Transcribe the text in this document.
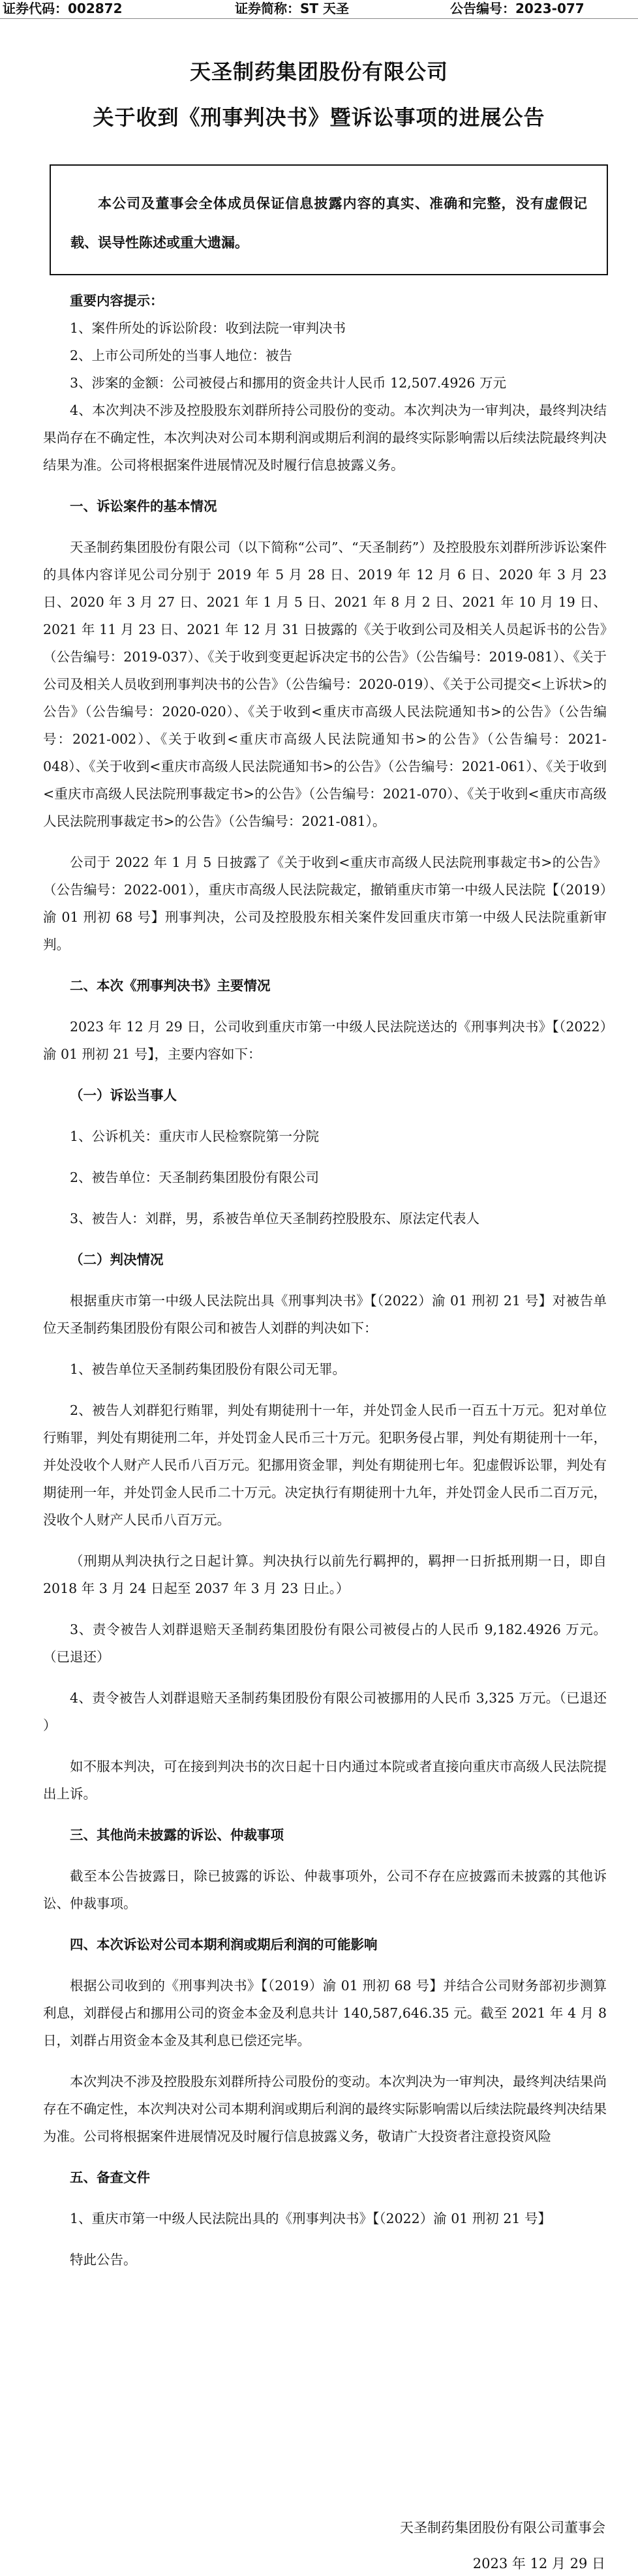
证券代码：002872	证券简称：ST 天圣	公告编号：2023-077
天圣制药集团股份有限公司
关于收到《刑事判决书》暨诉讼事项的进展公告
本公司及董事会全体成员保证信息披露内容的真实、准确和完整，没有虚假记载、误导性陈述或重大遗漏。

重要内容提示：

1、案件所处的诉讼阶段：收到法院一审判决书

2、上市公司所处的当事人地位：被告

3、涉案的金额：公司被侵占和挪用的资金共计人民币 12,507.4926 万元

4、本次判决不涉及控股股东刘群所持公司股份的变动。本次判决为一审判决，最终判决结果尚存在不确定性，本次判决对公司本期利润或期后利润的最终实际影响需以后续法院最终判决结果为准。公司将根据案件进展情况及时履行信息披露义务。

一、诉讼案件的基本情况

天圣制药集团股份有限公司（以下简称“公司”、“天圣制药”）及控股股东刘群所涉诉讼案件的具体内容详见公司分别于 2019 年 5 月 28 日、2019 年 12 月 6 日、2020 年 3 月 23 日、2020 年 3 月 27 日、2021 年 1 月 5 日、2021 年 8 月 2 日、2021 年 10 月 19 日、2021 年 11 月 23 日、2021 年 12 月 31 日披露的《关于收到公司及相关人员起诉书的公告》（公告编号：2019-037）、《关于收到变更起诉决定书的公告》（公告编号：2019-081）、《关于公司及相关人员收到刑事判决书的公告》（公告编号：2020-019）、《关于公司提交<上诉状>的公告》（公告编号：2020-020）、《关于收到<重庆市高级人民法院通知书>的公告》（公告编号：2021-002）、《关于收到<重庆市高级人民法院通知书>的公告》（公告编号：2021-048）、《关于收到<重庆市高级人民法院通知书>的公告》（公告编号：2021-061）、《关于收到<重庆市高级人民法院刑事裁定书>的公告》（公告编号：2021-070）、《关于收到<重庆市高级人民法院刑事裁定书>的公告》（公告编号：2021-081）。

公司于 2022 年 1 月 5 日披露了《关于收到<重庆市高级人民法院刑事裁定书>的公告》（公告编号：2022-001），重庆市高级人民法院裁定，撤销重庆市第一中级人民法院【（2019）渝 01 刑初 68 号】刑事判决，公司及控股股东相关案件发回重庆市第一中级人民法院重新审判。

二、本次《刑事判决书》主要情况

2023 年 12 月 29 日，公司收到重庆市第一中级人民法院送达的《刑事判决书》【（2022）渝 01 刑初 21 号】，主要内容如下：

（一）诉讼当事人

1、公诉机关：重庆市人民检察院第一分院

2、被告单位：天圣制药集团股份有限公司

3、被告人：刘群，男，系被告单位天圣制药控股股东、原法定代表人

（二）判决情况

根据重庆市第一中级人民法院出具《刑事判决书》【（2022）渝 01 刑初 21 号】对被告单位天圣制药集团股份有限公司和被告人刘群的判决如下：

1、被告单位天圣制药集团股份有限公司无罪。

2、被告人刘群犯行贿罪，判处有期徒刑十一年，并处罚金人民币一百五十万元。犯对单位行贿罪，判处有期徒刑二年，并处罚金人民币三十万元。犯职务侵占罪，判处有期徒刑十一年，并处没收个人财产人民币八百万元。犯挪用资金罪，判处有期徒刑七年。犯虚假诉讼罪，判处有期徒刑一年，并处罚金人民币二十万元。决定执行有期徒刑十九年，并处罚金人民币二百万元，没收个人财产人民币八百万元。

（刑期从判决执行之日起计算。判决执行以前先行羁押的，羁押一日折抵刑期一日，即自 2018 年 3 月 24 日起至 2037 年 3 月 23 日止。）

3、责令被告人刘群退赔天圣制药集团股份有限公司被侵占的人民币 9,182.4926 万元。（已退还）

4、责令被告人刘群退赔天圣制药集团股份有限公司被挪用的人民币 3,325 万元。（已退还 ）

如不服本判决，可在接到判决书的次日起十日内通过本院或者直接向重庆市高级人民法院提出上诉。

三、其他尚未披露的诉讼、仲裁事项

截至本公告披露日，除已披露的诉讼、仲裁事项外，公司不存在应披露而未披露的其他诉讼、仲裁事项。

四、本次诉讼对公司本期利润或期后利润的可能影响

根据公司收到的《刑事判决书》【（2019）渝 01 刑初 68 号】并结合公司财务部初步测算利息，刘群侵占和挪用公司的资金本金及利息共计 140,587,646.35 元。截至 2021 年 4 月 8 日，刘群占用资金本金及其利息已偿还完毕。

本次判决不涉及控股股东刘群所持公司股份的变动。本次判决为一审判决，最终判决结果尚存在不确定性，本次判决对公司本期利润或期后利润的最终实际影响需以后续法院最终判决结果为准。公司将根据案件进展情况及时履行信息披露义务，敬请广大投资者注意投资风险

五、备查文件

1、重庆市第一中级人民法院出具的《刑事判决书》【（2022）渝 01 刑初 21 号】

特此公告。

天圣制药集团股份有限公司董事会
2023 年 12 月 29 日
